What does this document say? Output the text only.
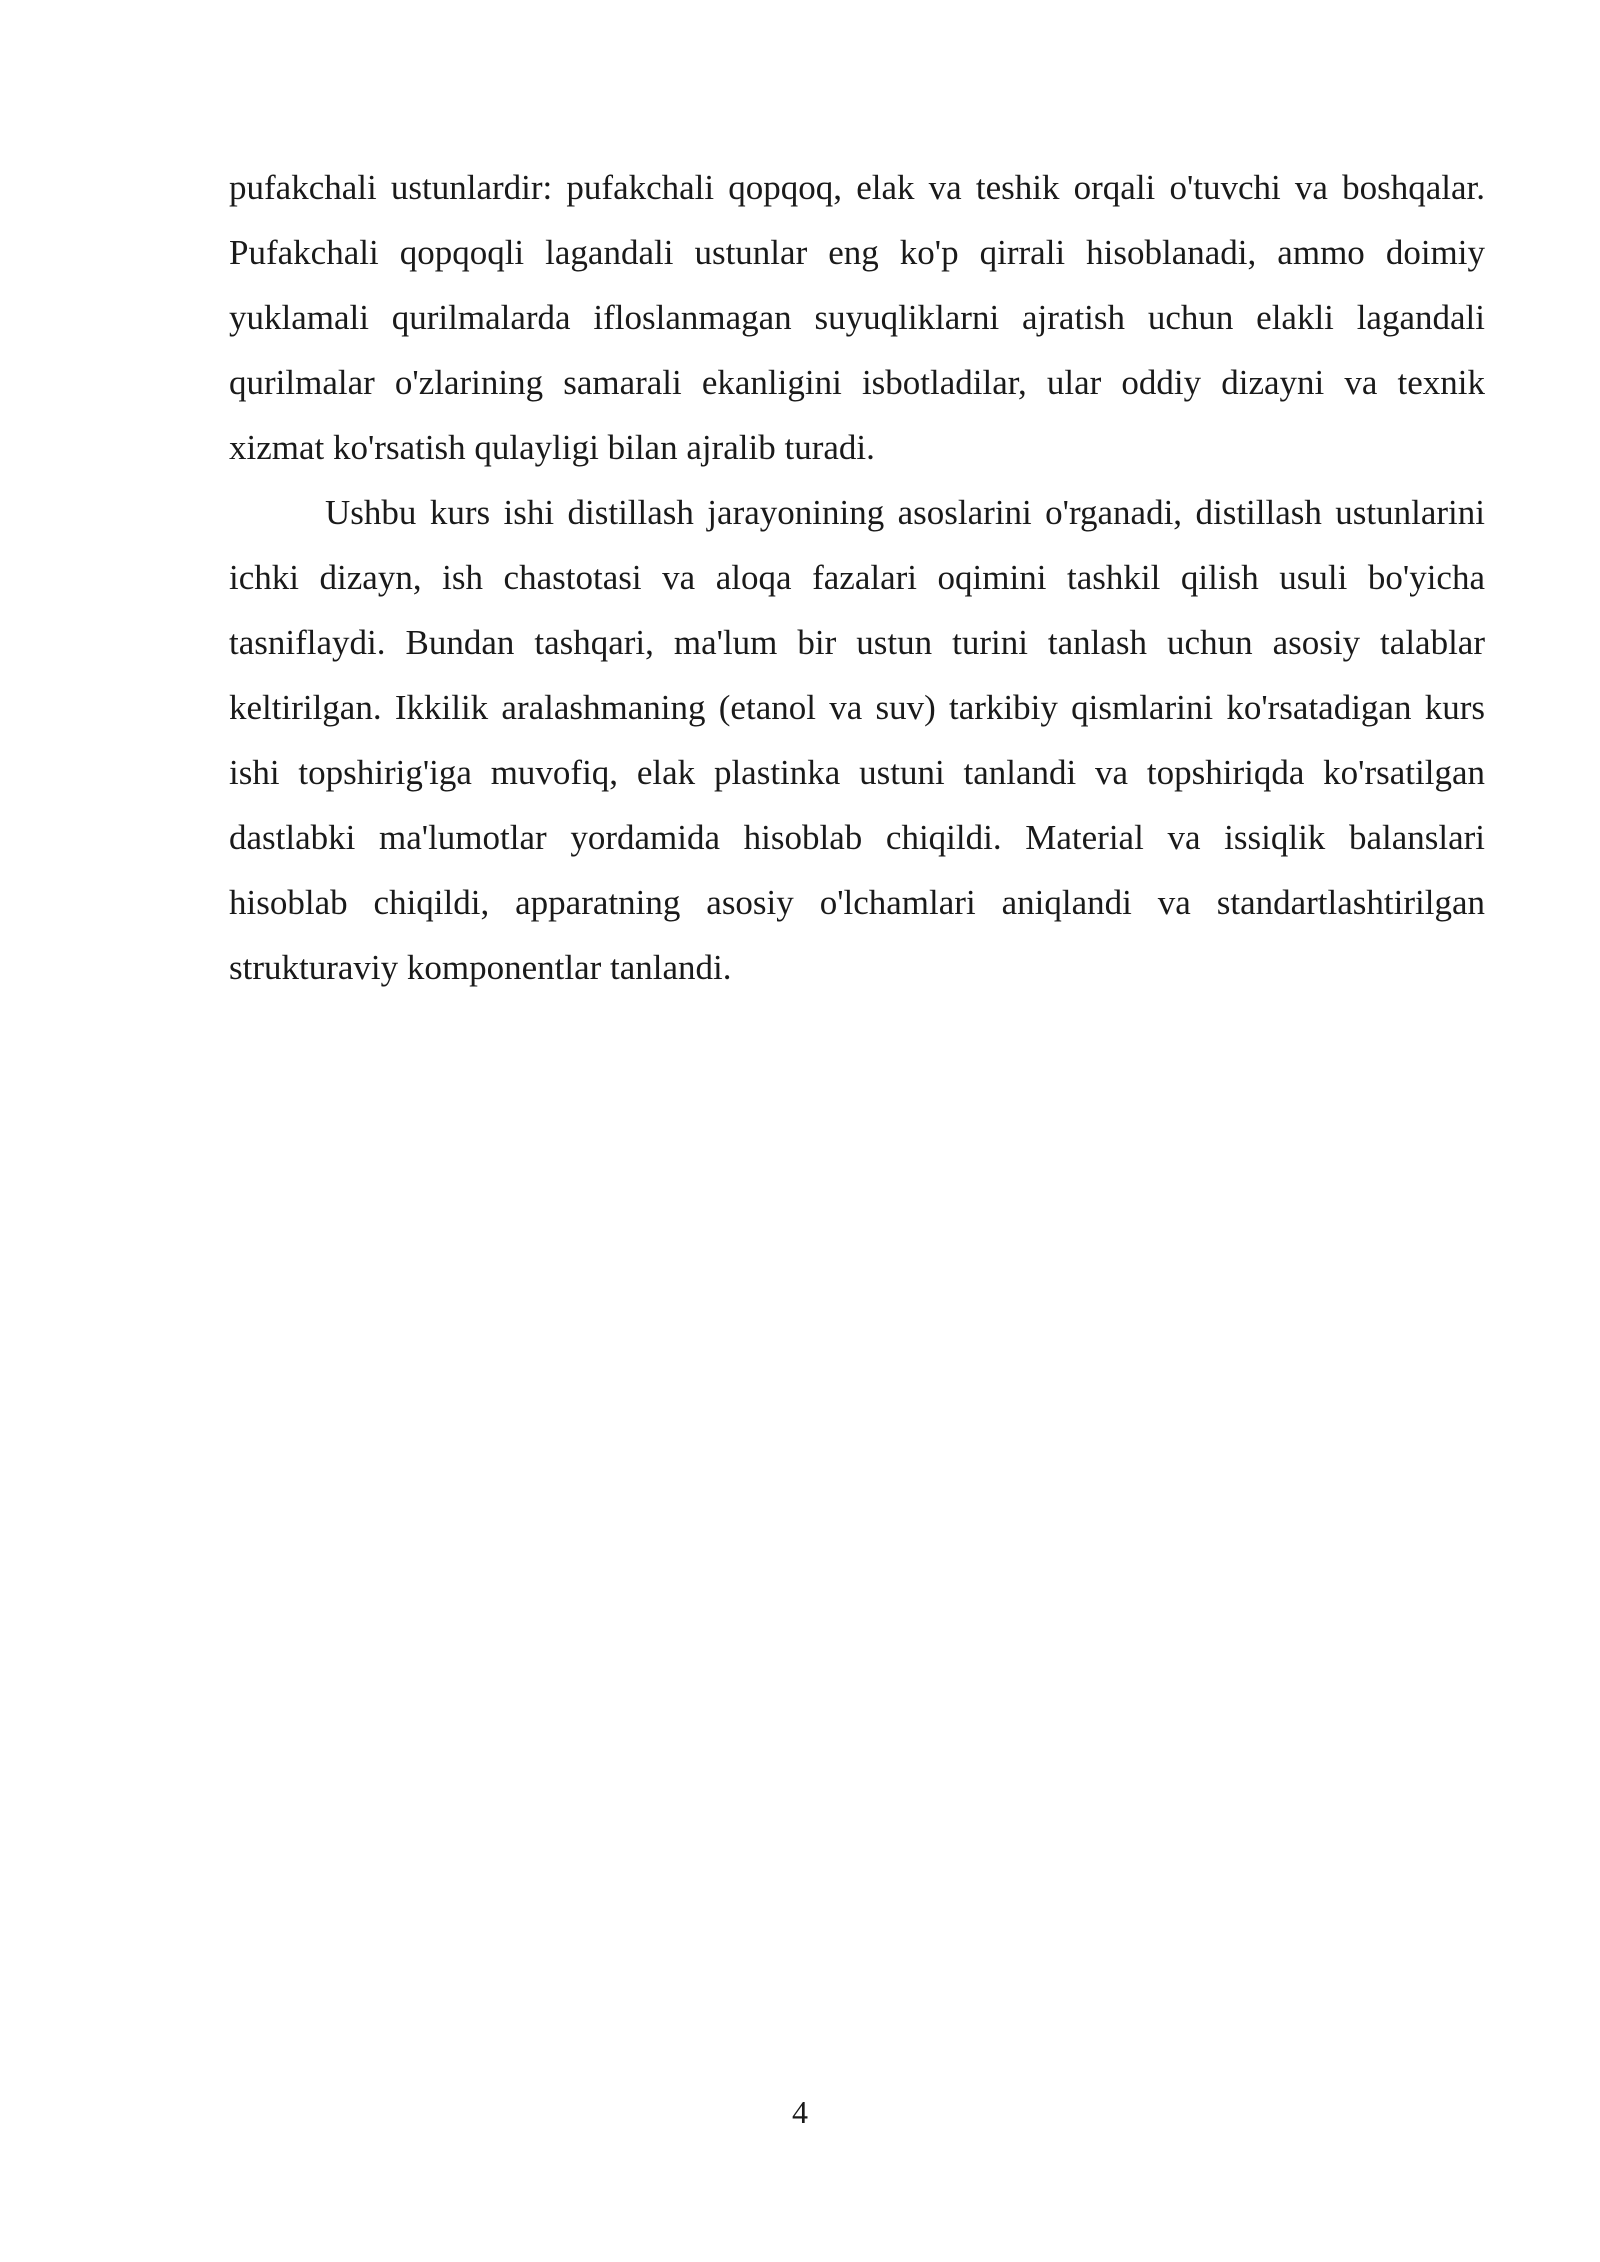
pufakchali ustunlardir: pufakchali qopqoq, elak va teshik orqali o'tuvchi va boshqalar. Pufakchali qopqoqli lagandali ustunlar eng ko'p qirrali hisoblanadi, ammo doimiy yuklamali qurilmalarda ifloslanmagan suyuqliklarni ajratish uchun elakli lagandali qurilmalar o'zlarining samarali ekanligini isbotladilar, ular oddiy dizayni va texnik xizmat ko'rsatish qulayligi bilan ajralib turadi.

Ushbu kurs ishi distillash jarayonining asoslarini o'rganadi, distillash ustunlarini ichki dizayn, ish chastotasi va aloqa fazalari oqimini tashkil qilish usuli bo'yicha tasniflaydi. Bundan tashqari, ma'lum bir ustun turini tanlash uchun asosiy talablar keltirilgan. Ikkilik aralashmaning (etanol va suv) tarkibiy qismlarini ko'rsatadigan kurs ishi topshirig'iga muvofiq, elak plastinka ustuni tanlandi va topshiriqda ko'rsatilgan dastlabki ma'lumotlar yordamida hisoblab chiqildi. Material va issiqlik balanslari hisoblab chiqildi, apparatning asosiy o'lchamlari aniqlandi va standartlashtirilgan strukturaviy komponentlar tanlandi.

4
